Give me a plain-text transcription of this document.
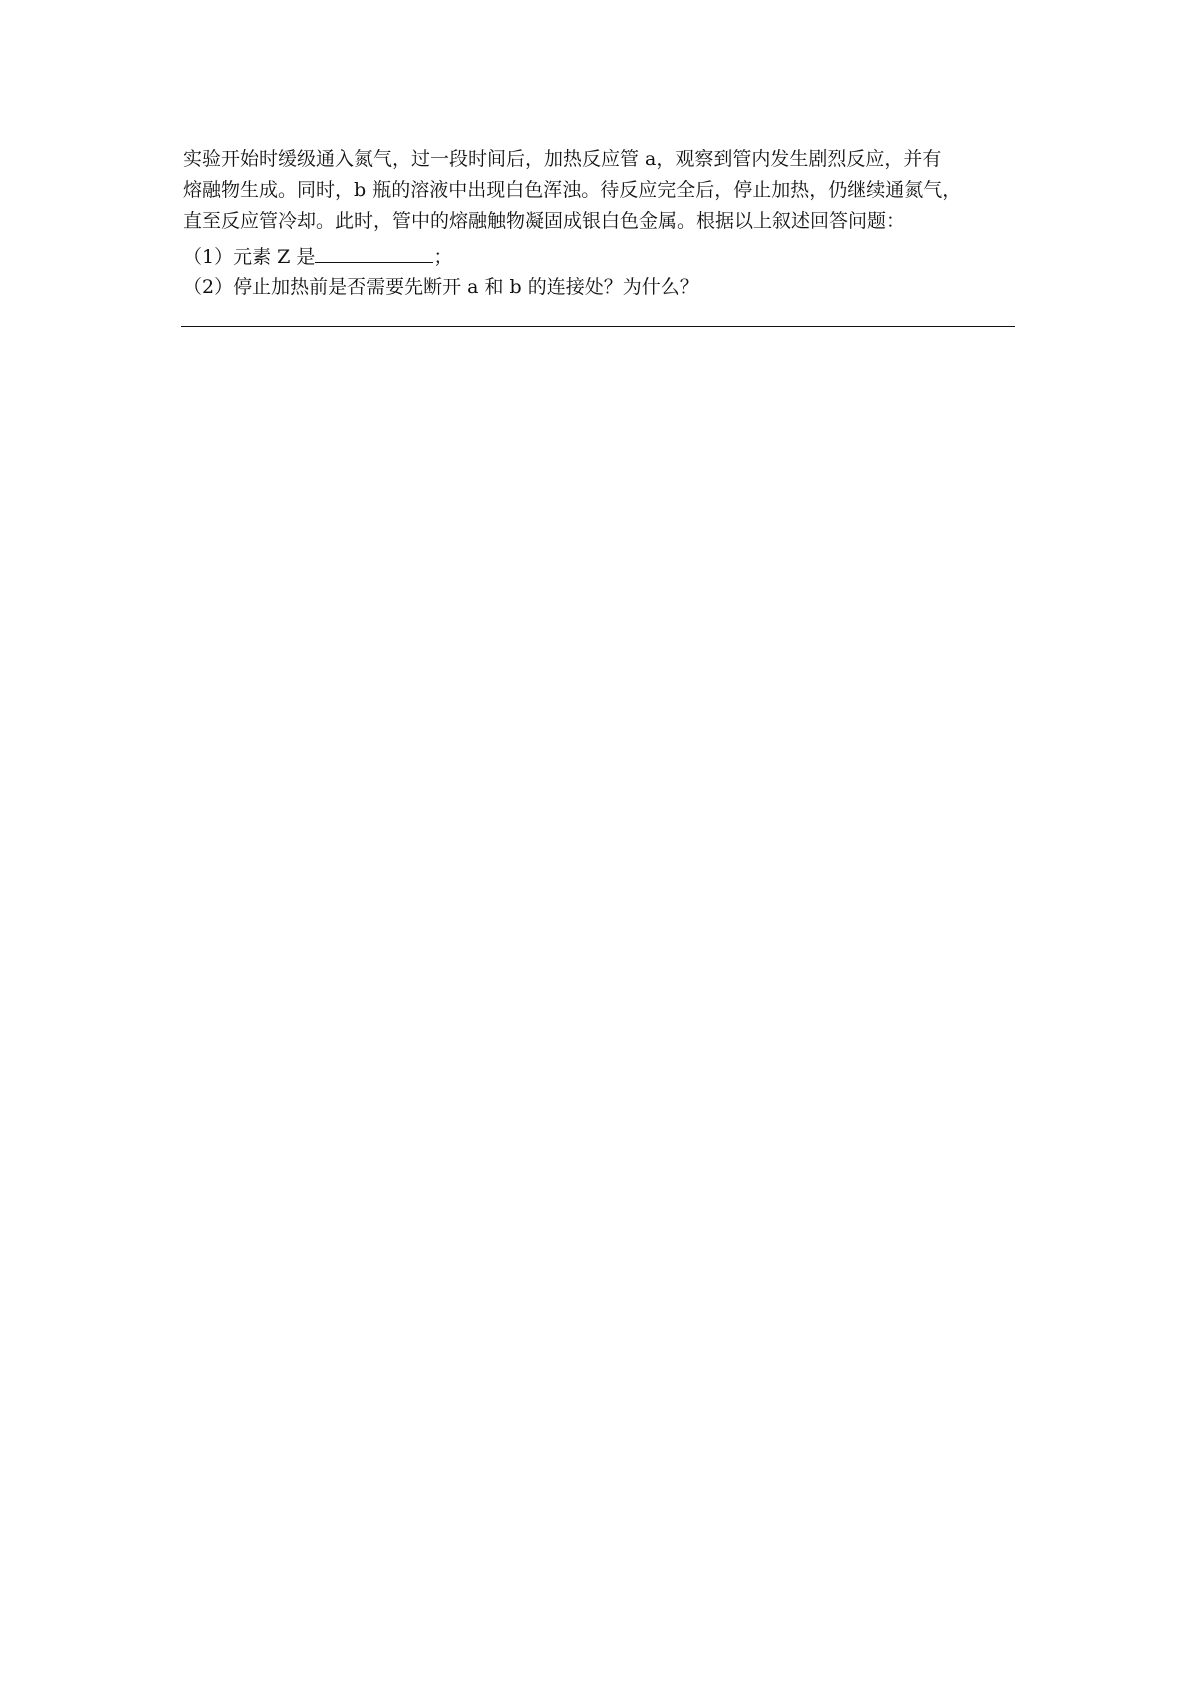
实验开始时缓级通入氮气，过一段时间后，加热反应管 a，观察到管内发生剧烈反应，并有
熔融物生成。同时，b 瓶的溶液中出现白色浑浊。待反应完全后，停止加热，仍继续通氮气，
直至反应管冷却。此时，管中的熔融触物凝固成银白色金属。根据以上叙述回答问题：
（1）元素 Z 是	；
（2）停止加热前是否需要先断开 a 和 b 的连接处？为什么？
